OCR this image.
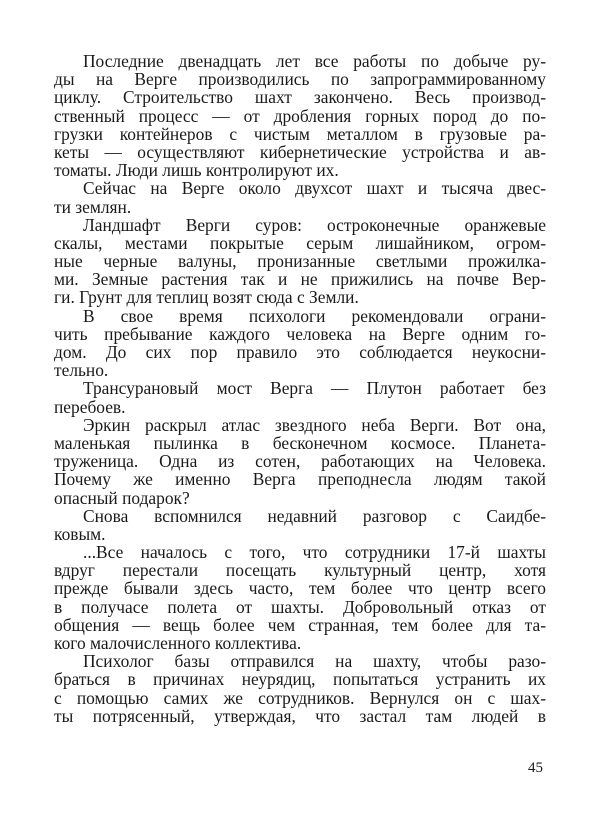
Последние двенадцать лет все работы по добыче ру-
ды на Верге производились по запрограммированному
циклу. Строительство шахт закончено. Весь производ-
ственный процесс — от дробления горных пород до по-
грузки контейнеров с чистым металлом в грузовые ра-
кеты — осуществляют кибернетические устройства и ав-
томаты. Люди лишь контролируют их.
Сейчас на Верге около двухсот шахт и тысяча двес-
ти землян.
Ландшафт Верги суров: остроконечные оранжевые
скалы, местами покрытые серым лишайником, огром-
ные черные валуны, пронизанные светлыми прожилка-
ми. Земные растения так и не прижились на почве Вер-
ги. Грунт для теплиц возят сюда с Земли.
В свое время психологи рекомендовали ограни-
чить пребывание каждого человека на Верге одним го-
дом. До сих пор правило это соблюдается неукосни-
тельно.
Трансурановый мост Верга — Плутон работает без
перебоев.
Эркин раскрыл атлас звездного неба Верги. Вот она,
маленькая пылинка в бесконечном космосе. Планета-
труженица. Одна из сотен, работающих на Человека.
Почему же именно Верга преподнесла людям такой
опасный подарок?
Снова вспомнился недавний разговор с Саидбе-
ковым.
...Все началось с того, что сотрудники 17-й шахты
вдруг перестали посещать культурный центр, хотя
прежде бывали здесь часто, тем более что центр всего
в получасе полета от шахты. Добровольный отказ от
общения — вещь более чем странная, тем более для та-
кого малочисленного коллектива.
Психолог базы отправился на шахту, чтобы разо-
браться в причинах неурядиц, попытаться устранить их
с помощью самих же сотрудников. Вернулся он с шах-
ты потрясенный, утверждая, что застал там людей в
45
